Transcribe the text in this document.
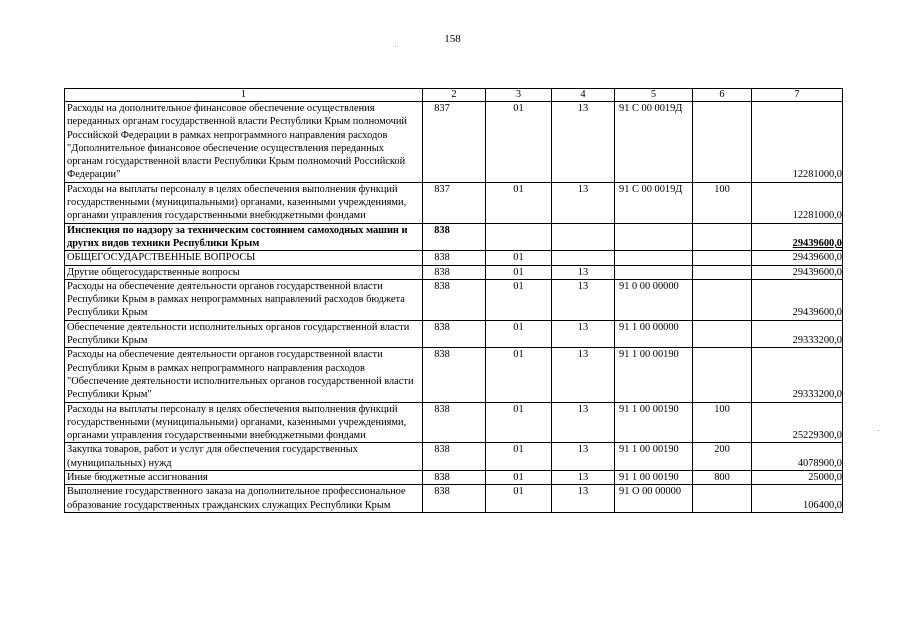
158
1	2	3	4	5	6	7
Расходы на дополнительное финансовое обеспечение осуществления переданных органам государственной власти Республики Крым полномочий Российской Федерации в рамках непрограммного направления расходов "Дополнительное финансовое обеспечение осуществления переданных органам государственной власти Республики Крым полномочий Российской Федерации"	837	01	13	91 С 00 0019Д		12281000,0
Расходы на выплаты персоналу в целях обеспечения выполнения функций государственными (муниципальными) органами, казенными учреждениями, органами управления государственными внебюджетными фондами	837	01	13	91 С 00 0019Д	100	12281000,0
Инспекция по надзору за техническим состоянием самоходных машин и других видов техники Республики Крым	838					29439600,0
ОБЩЕГОСУДАРСТВЕННЫЕ ВОПРОСЫ	838	01				29439600,0
Другие общегосударственные вопросы	838	01	13			29439600,0
Расходы на обеспечение деятельности органов государственной власти Республики Крым в рамках непрограммных направлений расходов бюджета Республики Крым	838	01	13	91 0 00 00000		29439600,0
Обеспечение деятельности исполнительных органов государственной власти Республики Крым	838	01	13	91 1 00 00000		29333200,0
Расходы на обеспечение деятельности органов государственной власти Республики Крым в рамках непрограммного направления расходов "Обеспечение деятельности исполнительных органов государственной власти Республики Крым"	838	01	13	91 1 00 00190		29333200,0
Расходы на выплаты персоналу в целях обеспечения выполнения функций государственными (муниципальными) органами, казенными учреждениями, органами управления государственными внебюджетными фондами	838	01	13	91 1 00 00190	100	25229300,0
Закупка товаров, работ и услуг для обеспечения государственных (муниципальных) нужд	838	01	13	91 1 00 00190	200	4078900,0
Иные бюджетные ассигнования	838	01	13	91 1 00 00190	800	25000,0
Выполнение государственного заказа на дополнительное профессиональное образование государственных гражданских служащих Республики Крым	838	01	13	91 О 00 00000		106400,0
